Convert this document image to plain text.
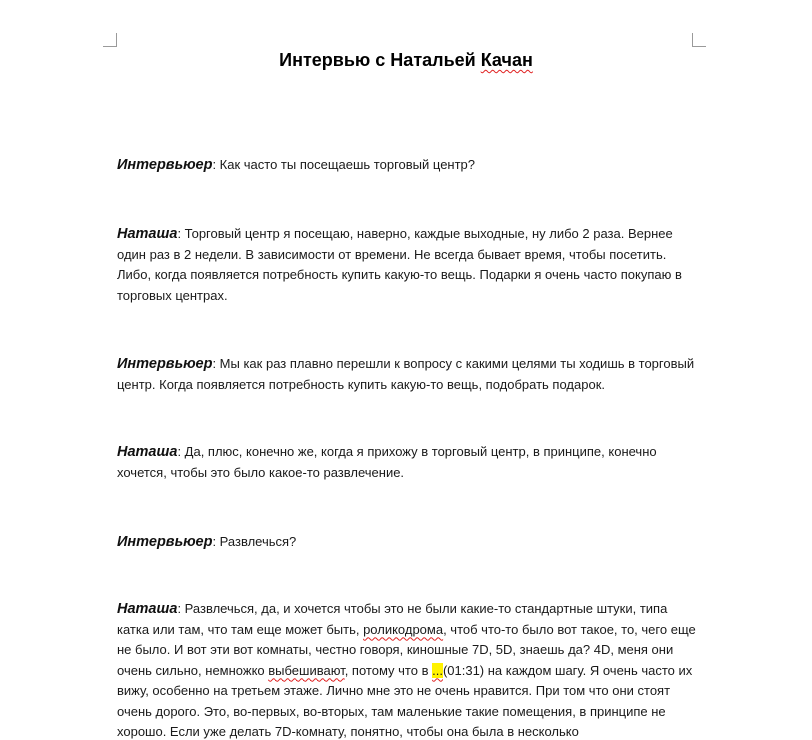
Интервью с Натальей Качан

Интервьюер: Как часто ты посещаешь торговый центр?

Наташа: Торговый центр я посещаю, наверно, каждые выходные, ну либо 2 раза. Вернее один раз в 2 недели. В зависимости от времени. Не всегда бывает время, чтобы посетить. Либо, когда появляется потребность купить какую-то вещь. Подарки я очень часто покупаю в торговых центрах.

Интервьюер: Мы как раз плавно перешли к вопросу с какими целями ты ходишь в торговый центр. Когда появляется потребность купить какую-то вещь, подобрать подарок.

Наташа: Да, плюс, конечно же, когда я прихожу в торговый центр, в принципе, конечно хочется, чтобы это было какое-то развлечение.

Интервьюер: Развлечься?

Наташа: Развлечься, да, и хочется чтобы это не были какие-то стандартные штуки, типа катка или там, что там еще может быть, роликодрома, чтоб что-то было вот такое, то, чего еще не было. И вот эти вот комнаты, честно говоря, киношные 7D, 5D, знаешь да? 4D, меня они очень сильно, немножко выбешивают, потому что в ...(01:31) на каждом шагу. Я очень часто их вижу, особенно на третьем этаже. Лично мне это не очень нравится. При том что они стоят очень дорого. Это, во-первых, во-вторых, там маленькие такие помещения, в принципе не хорошо. Если уже делать 7D-комнату, понятно, чтобы она была в несколько
